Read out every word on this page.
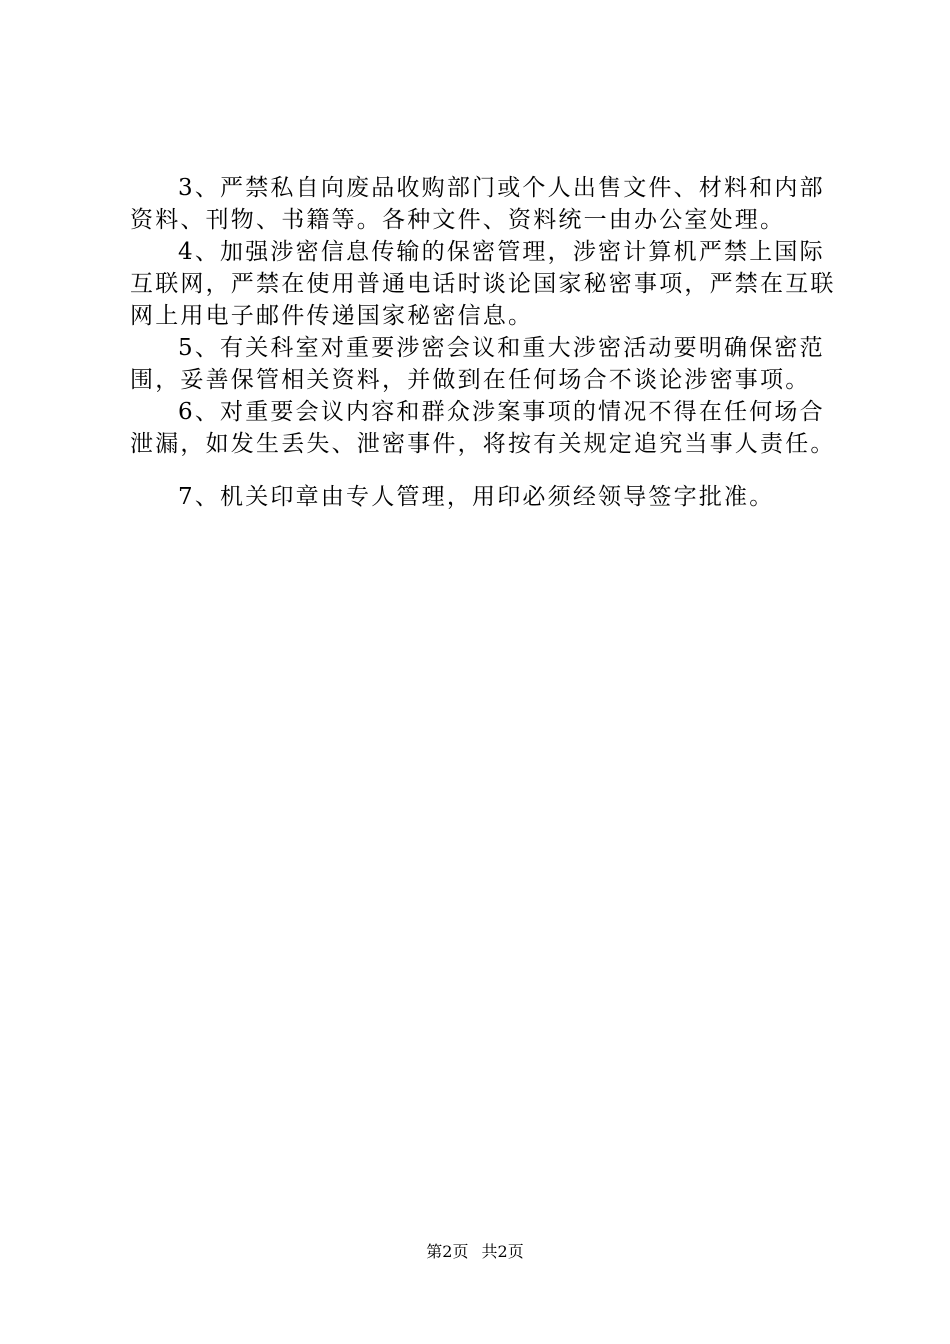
3、严禁私自向废品收购部门或个人出售文件、材料和内部资料、刊物、书籍等。各种文件、资料统一由办公室处理。

4、加强涉密信息传输的保密管理，涉密计算机严禁上国际互联网，严禁在使用普通电话时谈论国家秘密事项，严禁在互联网上用电子邮件传递国家秘密信息。

5、有关科室对重要涉密会议和重大涉密活动要明确保密范围，妥善保管相关资料，并做到在任何场合不谈论涉密事项。

6、对重要会议内容和群众涉案事项的情况不得在任何场合泄漏，如发生丢失、泄密事件，将按有关规定追究当事人责任。

7、机关印章由专人管理，用印必须经领导签字批准。

第2页 共2页
